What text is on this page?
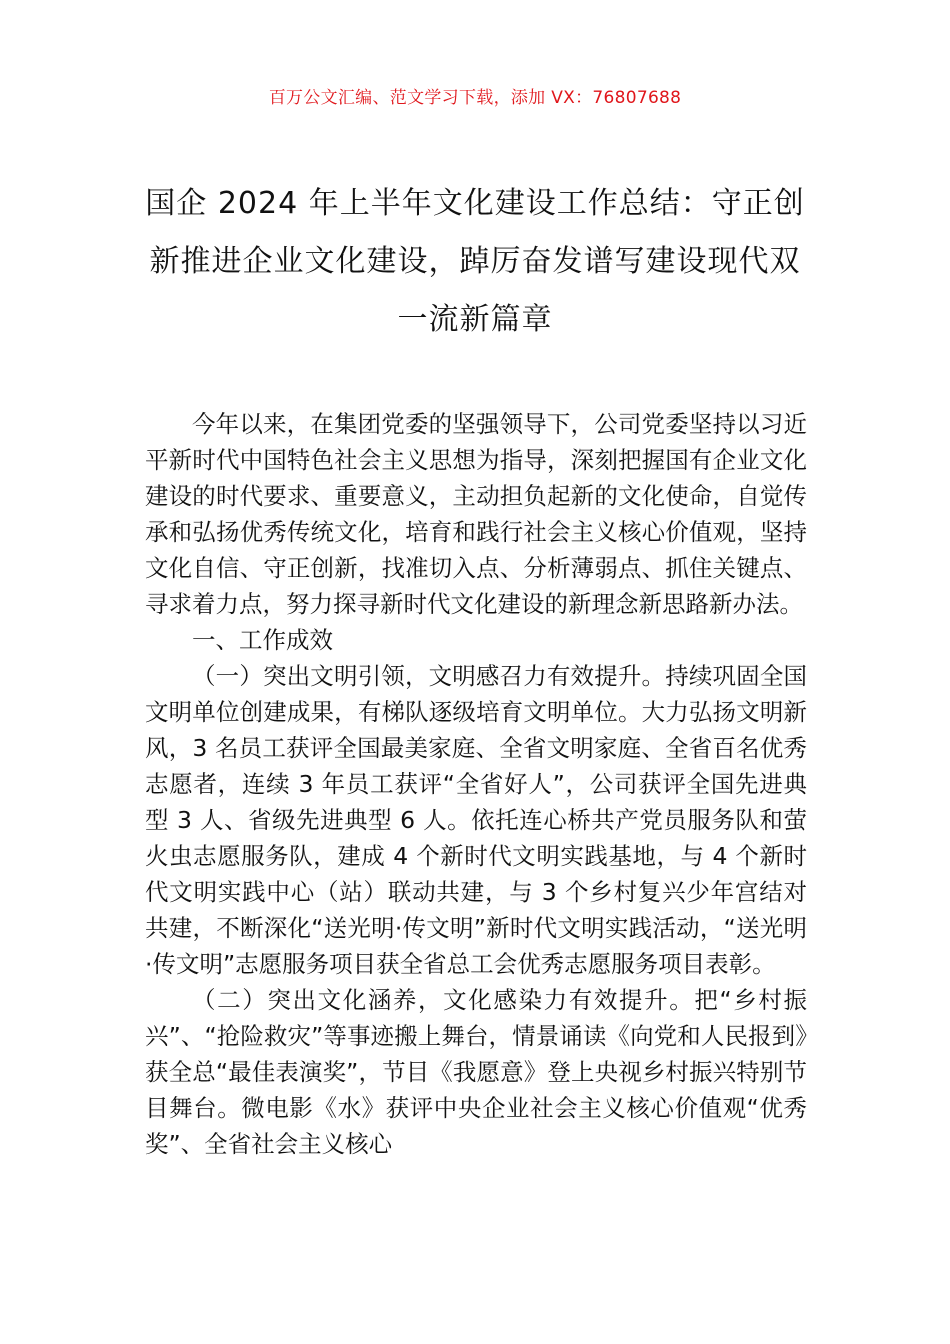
百万公文汇编、范文学习下载，添加 VX：76807688
国企 2024 年上半年文化建设工作总结：守正创新推进企业文化建设，踔厉奋发谱写建设现代双一流新篇章

今年以来，在集团党委的坚强领导下，公司党委坚持以习近平新时代中国特色社会主义思想为指导，深刻把握国有企业文化建设的时代要求、重要意义，主动担负起新的文化使命，自觉传承和弘扬优秀传统文化，培育和践行社会主义核心价值观，坚持文化自信、守正创新，找准切入点、分析薄弱点、抓住关键点、寻求着力点，努力探寻新时代文化建设的新理念新思路新办法。

一、工作成效

（一）突出文明引领，文明感召力有效提升。持续巩固全国文明单位创建成果，有梯队逐级培育文明单位。大力弘扬文明新风，3 名员工获评全国最美家庭、全省文明家庭、全省百名优秀志愿者，连续 3 年员工获评“全省好人”，公司获评全国先进典型 3 人、省级先进典型 6 人。依托连心桥共产党员服务队和萤火虫志愿服务队，建成 4 个新时代文明实践基地，与 4 个新时代文明实践中心（站）联动共建，与 3 个乡村复兴少年宫结对共建，不断深化“送光明·传文明”新时代文明实践活动，“送光明·传文明”志愿服务项目获全省总工会优秀志愿服务项目表彰。

（二）突出文化涵养，文化感染力有效提升。把“乡村振兴”、“抢险救灾”等事迹搬上舞台，情景诵读《向党和人民报到》获全总“最佳表演奖”，节目《我愿意》登上央视乡村振兴特别节目舞台。微电影《水》获评中央企业社会主义核心价值观“优秀奖”、全省社会主义核心
